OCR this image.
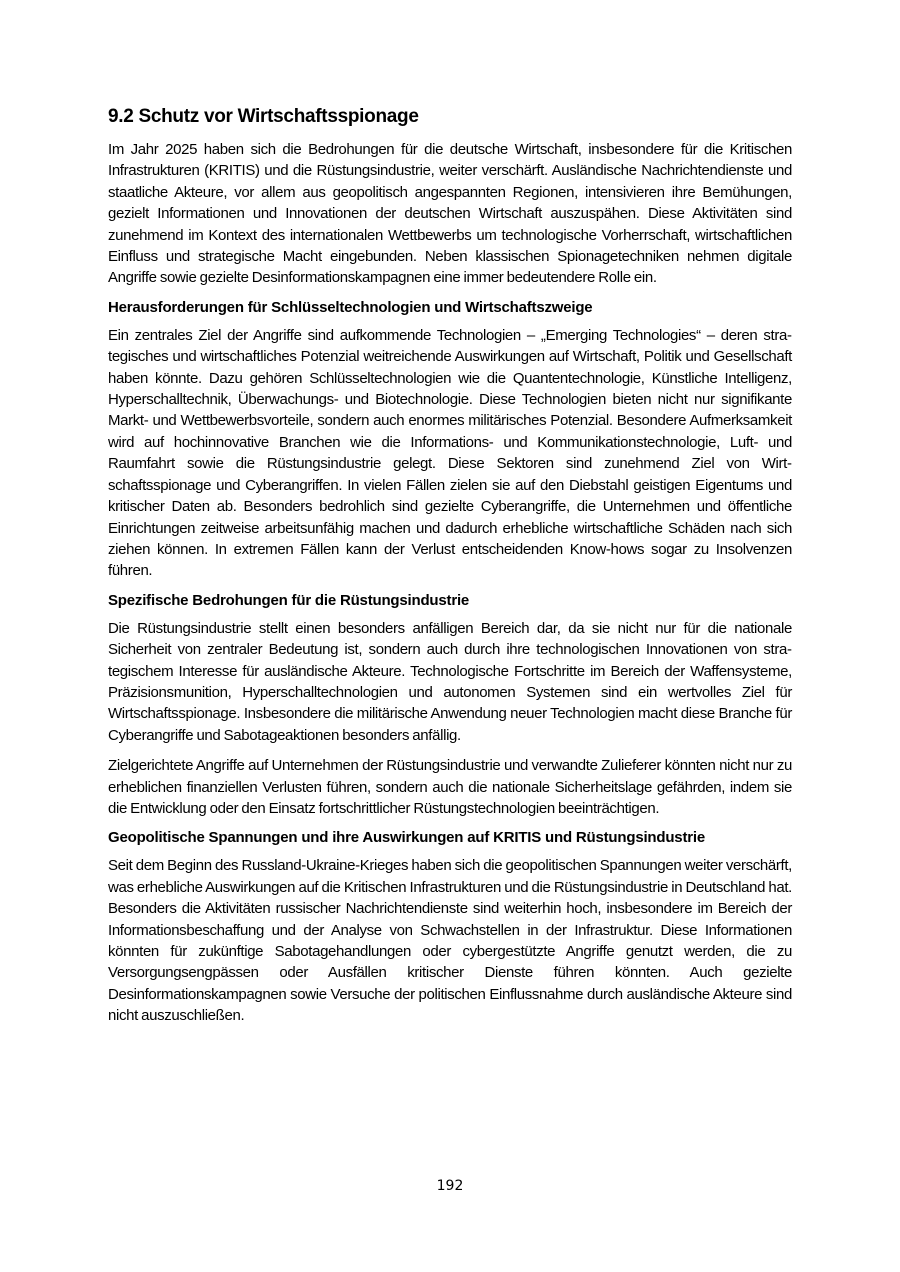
9.2 Schutz vor Wirtschaftsspionage

Im Jahr 2025 haben sich die Bedrohungen für die deutsche Wirtschaft, insbesondere für die Kritischen Infrastrukturen (KRITIS) und die Rüstungsindustrie, weiter verschärft. Ausländische Nachrichtendienste und staatliche Akteure, vor allem aus geopolitisch angespannten Regionen, intensivieren ihre Bemühungen, gezielt Informationen und Innovationen der deutschen Wirtschaft auszuspähen. Diese Aktivitäten sind zunehmend im Kontext des internationalen Wettbewerbs um technologische Vorherrschaft, wirtschaftlichen Einfluss und strategische Macht eingebunden. Neben klassischen Spionagetechniken nehmen digitale Angriffe sowie gezielte Desinformationskampagnen eine immer bedeutendere Rolle ein.

Herausforderungen für Schlüsseltechnologien und Wirtschaftszweige

Ein zentrales Ziel der Angriffe sind aufkommende Technologien – „Emerging Technologies“ – deren strategisches und wirtschaftliches Potenzial weitreichende Auswirkungen auf Wirtschaft, Politik und Gesellschaft haben könnte. Dazu gehören Schlüsseltechnologien wie die Quantentechnologie, Künstliche Intelligenz, Hyperschalltechnik, Überwachungs- und Biotechnologie. Diese Technologien bieten nicht nur signifikante Markt- und Wettbewerbsvorteile, sondern auch enormes militärisches Potenzial. Besondere Aufmerksamkeit wird auf hochinnovative Branchen wie die Informations- und Kommunikationstechnologie, Luft- und Raumfahrt sowie die Rüstungsindustrie gelegt. Diese Sektoren sind zunehmend Ziel von Wirtschaftsspionage und Cyberangriffen. In vielen Fällen zielen sie auf den Diebstahl geistigen Eigentums und kritischer Daten ab. Besonders bedrohlich sind gezielte Cyberangriffe, die Unternehmen und öffentliche Einrichtungen zeitweise arbeitsunfähig machen und dadurch erhebliche wirtschaftliche Schäden nach sich ziehen können. In extremen Fällen kann der Verlust entscheidenden Know-hows sogar zu Insolvenzen führen.

Spezifische Bedrohungen für die Rüstungsindustrie

Die Rüstungsindustrie stellt einen besonders anfälligen Bereich dar, da sie nicht nur für die nationale Sicherheit von zentraler Bedeutung ist, sondern auch durch ihre technologischen Innovationen von strategischem Interesse für ausländische Akteure. Technologische Fortschritte im Bereich der Waffensysteme, Präzisionsmunition, Hyperschalltechnologien und autonomen Systemen sind ein wertvolles Ziel für Wirtschaftsspionage. Insbesondere die militärische Anwendung neuer Technologien macht diese Branche für Cyberangriffe und Sabotageaktionen besonders anfällig.

Zielgerichtete Angriffe auf Unternehmen der Rüstungsindustrie und verwandte Zulieferer könnten nicht nur zu erheblichen finanziellen Verlusten führen, sondern auch die nationale Sicherheitslage gefährden, indem sie die Entwicklung oder den Einsatz fortschrittlicher Rüstungstechnologien beeinträchtigen.

Geopolitische Spannungen und ihre Auswirkungen auf KRITIS und Rüstungsindustrie

Seit dem Beginn des Russland-Ukraine-Krieges haben sich die geopolitischen Spannungen weiter verschärft, was erhebliche Auswirkungen auf die Kritischen Infrastrukturen und die Rüstungsindustrie in Deutschland hat. Besonders die Aktivitäten russischer Nachrichtendienste sind weiterhin hoch, insbesondere im Bereich der Informationsbeschaffung und der Analyse von Schwachstellen in der Infrastruktur. Diese Informationen könnten für zukünftige Sabotagehandlungen oder cybergestützte Angriffe genutzt werden, die zu Versorgungsengpässen oder Ausfällen kritischer Dienste führen könnten. Auch gezielte Desinformationskampagnen sowie Versuche der politischen Einflussnahme durch ausländische Akteure sind nicht auszuschließen.

192
